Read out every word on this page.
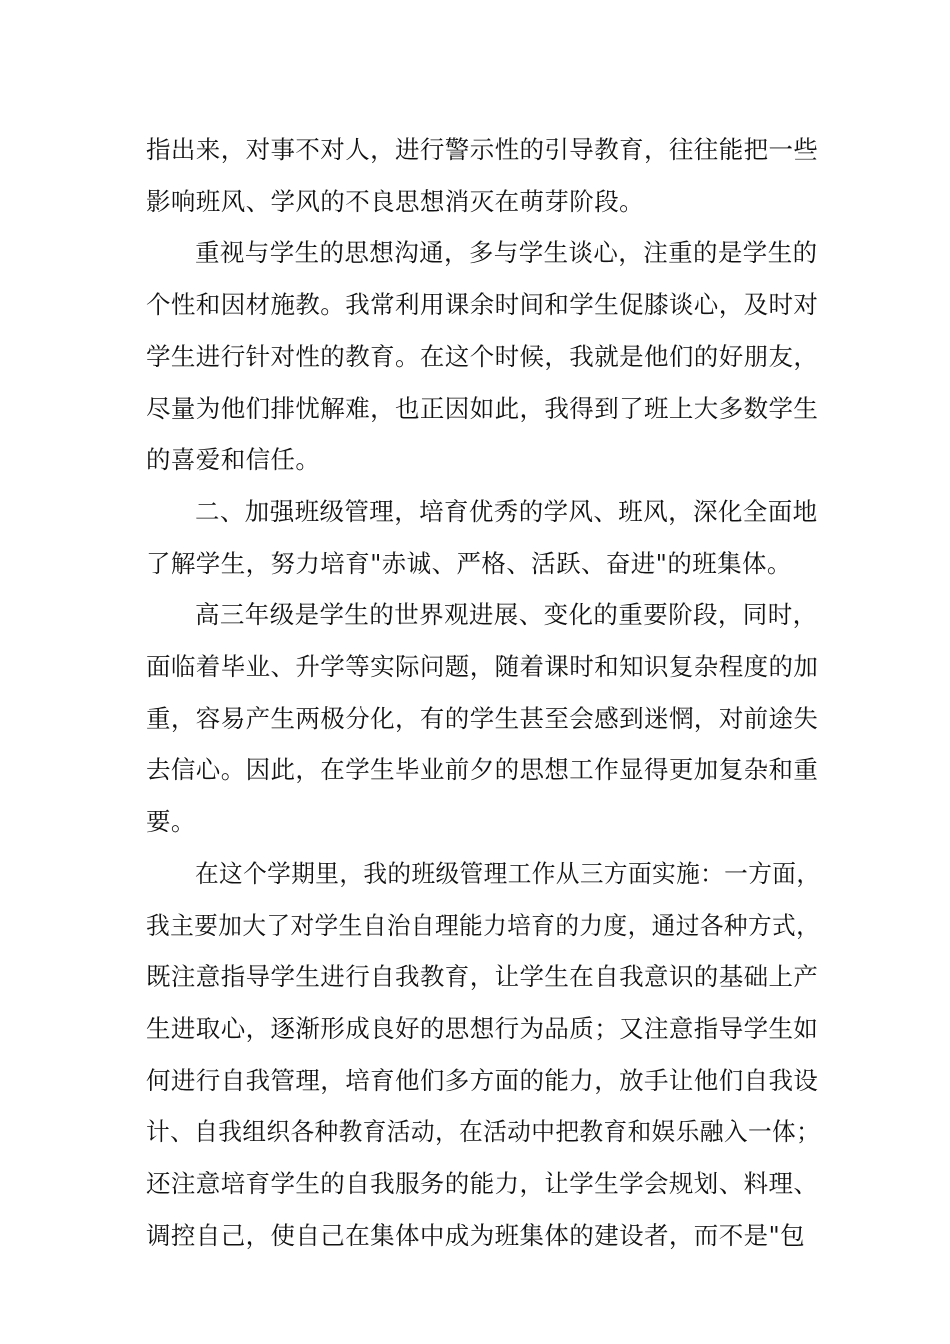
指出来，对事不对人，进行警示性的引导教育，往往能把一些
影响班风、学风的不良思想消灭在萌芽阶段。
重视与学生的思想沟通，多与学生谈心，注重的是学生的
个性和因材施教。我常利用课余时间和学生促膝谈心，及时对
学生进行针对性的教育。在这个时候，我就是他们的好朋友，
尽量为他们排忧解难，也正因如此，我得到了班上大多数学生
的喜爱和信任。
二、加强班级管理，培育优秀的学风、班风，深化全面地
了解学生，努力培育"赤诚、严格、活跃、奋进"的班集体。
高三年级是学生的世界观进展、变化的重要阶段，同时，
面临着毕业、升学等实际问题，随着课时和知识复杂程度的加
重，容易产生两极分化，有的学生甚至会感到迷惘，对前途失
去信心。因此，在学生毕业前夕的思想工作显得更加复杂和重
要。
在这个学期里，我的班级管理工作从三方面实施：一方面，
我主要加大了对学生自治自理能力培育的力度，通过各种方式，
既注意指导学生进行自我教育，让学生在自我意识的基础上产
生进取心，逐渐形成良好的思想行为品质；又注意指导学生如
何进行自我管理，培育他们多方面的能力，放手让他们自我设
计、自我组织各种教育活动，在活动中把教育和娱乐融入一体；
还注意培育学生的自我服务的能力，让学生学会规划、料理、
调控自己，使自己在集体中成为班集体的建设者，而不是"包
